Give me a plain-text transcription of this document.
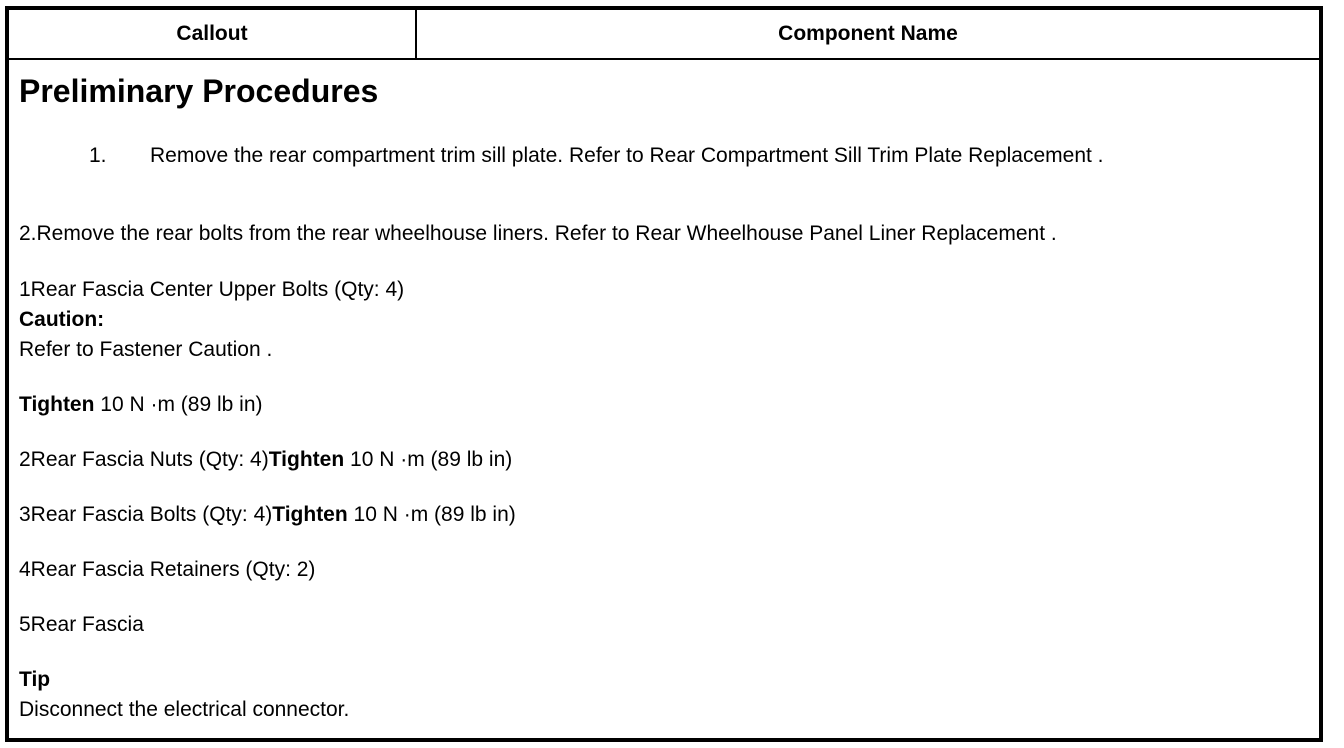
Callout	Component Name
Preliminary Procedures
1. Remove the rear compartment trim sill plate. Refer to Rear Compartment Sill Trim Plate Replacement .
2.Remove the rear bolts from the rear wheelhouse liners. Refer to Rear Wheelhouse Panel Liner Replacement .
1Rear Fascia Center Upper Bolts (Qty: 4)
Caution:
Refer to Fastener Caution .
Tighten 10 N ·m (89 lb in)
2Rear Fascia Nuts (Qty: 4)Tighten 10 N ·m (89 lb in)
3Rear Fascia Bolts (Qty: 4)Tighten 10 N ·m (89 lb in)
4Rear Fascia Retainers (Qty: 2)
5Rear Fascia
Tip
Disconnect the electrical connector.
